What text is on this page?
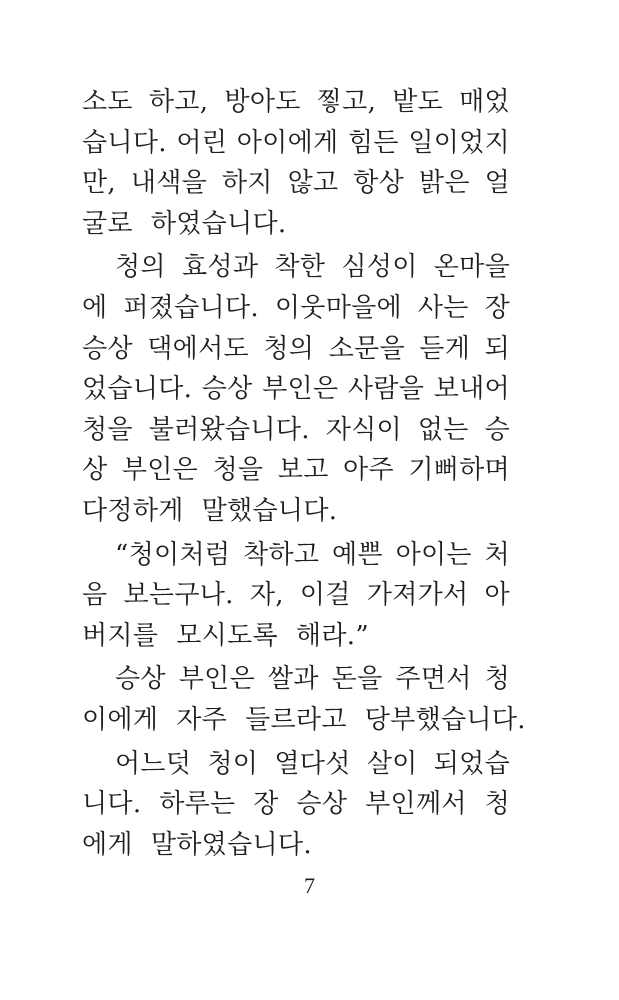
소도 하고, 방아도 찧고, 밭도 매었
습니다. 어린 아이에게 힘든 일이었지
만, 내색을 하지 않고 항상 밝은 얼
굴로 하였습니다.
청의 효성과 착한 심성이 온마을
에 퍼졌습니다. 이웃마을에 사는 장
승상 댁에서도 청의 소문을 듣게 되
었습니다. 승상 부인은 사람을 보내어
청을 불러왔습니다. 자식이 없는 승
상 부인은 청을 보고 아주 기뻐하며
다정하게 말했습니다.
“청이처럼 착하고 예쁜 아이는 처
음 보는구나. 자, 이걸 가져가서 아
버지를 모시도록 해라.”
승상 부인은 쌀과 돈을 주면서 청
이에게 자주 들르라고 당부했습니다.
어느덧 청이 열다섯 살이 되었습
니다. 하루는 장 승상 부인께서 청
에게 말하였습니다.
7
